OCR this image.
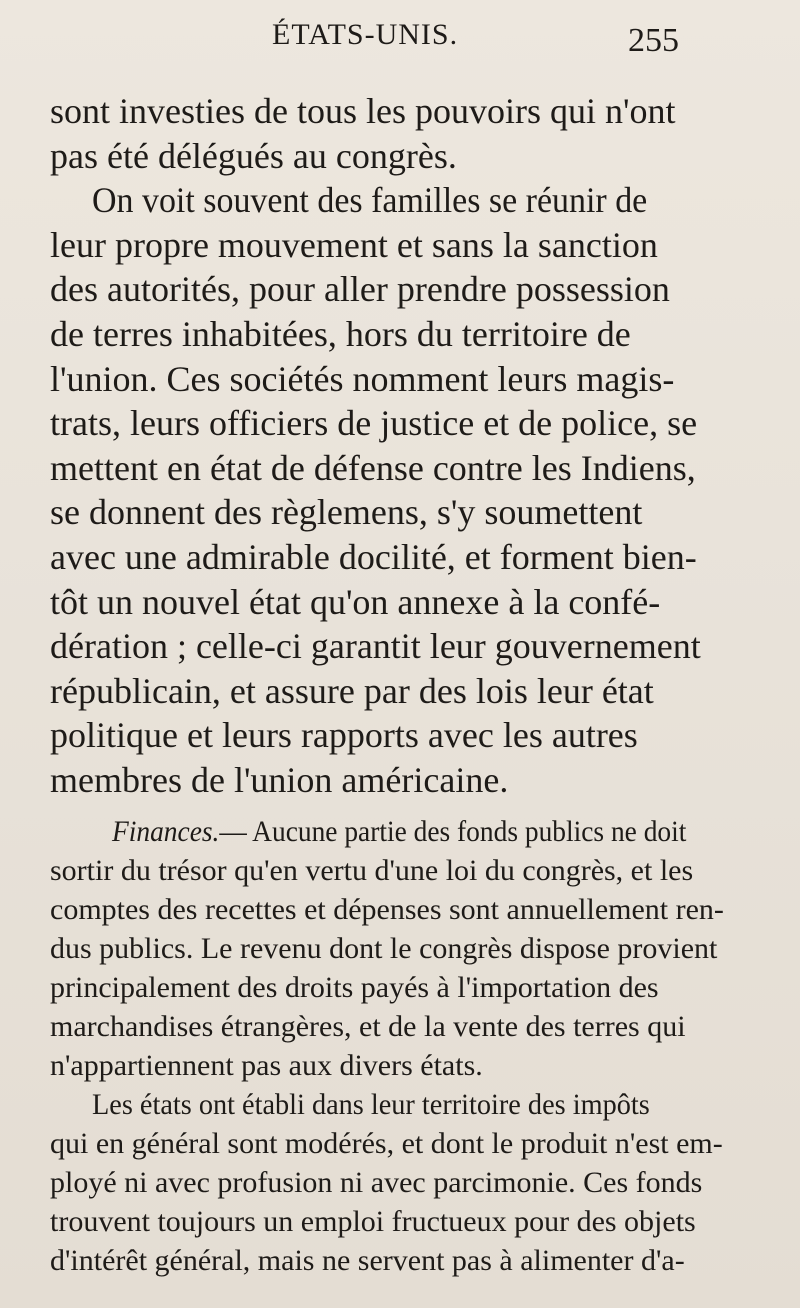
ÉTATS-UNIS.	255
sont investies de tous les pouvoirs qui n'ont
pas été délégués au congrès.
On voit souvent des familles se réunir de
leur propre mouvement et sans la sanction
des autorités, pour aller prendre possession
de terres inhabitées, hors du territoire de
l'union. Ces sociétés nomment leurs magis-
trats, leurs officiers de justice et de police, se
mettent en état de défense contre les Indiens,
se donnent des règlemens, s'y soumettent
avec une admirable docilité, et forment bien-
tôt un nouvel état qu'on annexe à la confé-
dération ; celle-ci garantit leur gouvernement
républicain, et assure par des lois leur état
politique et leurs rapports avec les autres
membres de l'union américaine.
Finances.— Aucune partie des fonds publics ne doit
sortir du trésor qu'en vertu d'une loi du congrès, et les
comptes des recettes et dépenses sont annuellement ren-
dus publics. Le revenu dont le congrès dispose provient
principalement des droits payés à l'importation des
marchandises étrangères, et de la vente des terres qui
n'appartiennent pas aux divers états.
Les états ont établi dans leur territoire des impôts
qui en général sont modérés, et dont le produit n'est em-
ployé ni avec profusion ni avec parcimonie. Ces fonds
trouvent toujours un emploi fructueux pour des objets
d'intérêt général, mais ne servent pas à alimenter d'a-
